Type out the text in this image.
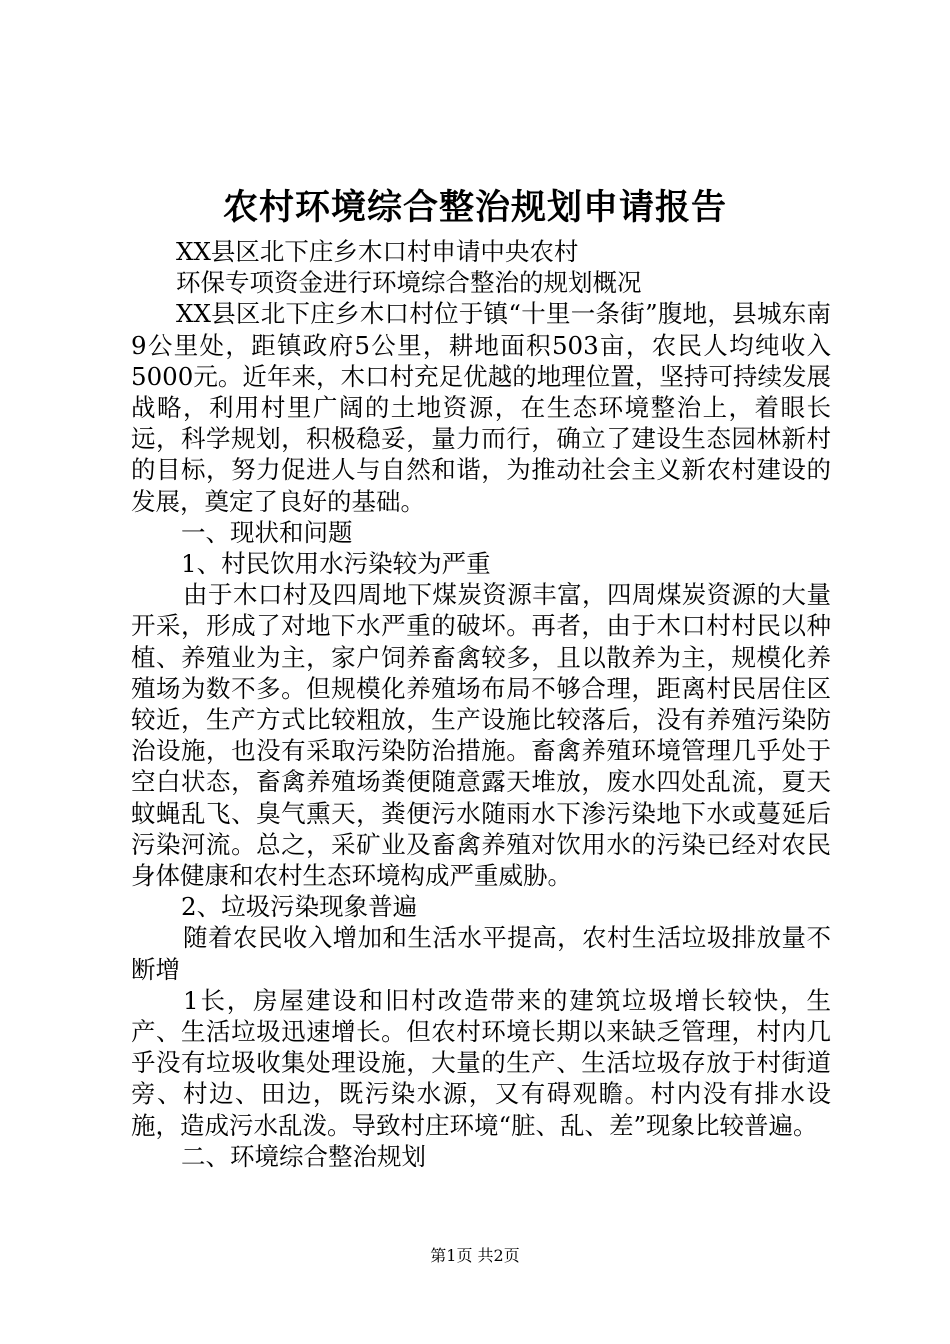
农村环境综合整治规划申请报告

XX县区北下庄乡木口村申请中央农村

环保专项资金进行环境综合整治的规划概况

XX县区北下庄乡木口村位于镇“十里一条街”腹地，县城东南9公里处，距镇政府5公里，耕地面积503亩，农民人均纯收入5000元。近年来，木口村充足优越的地理位置，坚持可持续发展战略，利用村里广阔的土地资源，在生态环境整治上，着眼长远，科学规划，积极稳妥，量力而行，确立了建设生态园林新村的目标，努力促进人与自然和谐，为推动社会主义新农村建设的发展，奠定了良好的基础。

一、现状和问题

1、村民饮用水污染较为严重

由于木口村及四周地下煤炭资源丰富，四周煤炭资源的大量开采，形成了对地下水严重的破坏。再者，由于木口村村民以种植、养殖业为主，家户饲养畜禽较多，且以散养为主，规模化养殖场为数不多。但规模化养殖场布局不够合理，距离村民居住区较近，生产方式比较粗放，生产设施比较落后，没有养殖污染防治设施，也没有采取污染防治措施。畜禽养殖环境管理几乎处于空白状态，畜禽养殖场粪便随意露天堆放，废水四处乱流，夏天蚊蝇乱飞、臭气熏天，粪便污水随雨水下渗污染地下水或蔓延后污染河流。总之，采矿业及畜禽养殖对饮用水的污染已经对农民身体健康和农村生态环境构成严重威胁。

2、垃圾污染现象普遍

随着农民收入增加和生活水平提高，农村生活垃圾排放量不断增

1长，房屋建设和旧村改造带来的建筑垃圾增长较快，生产、生活垃圾迅速增长。但农村环境长期以来缺乏管理，村内几乎没有垃圾收集处理设施，大量的生产、生活垃圾存放于村街道旁、村边、田边，既污染水源，又有碍观瞻。村内没有排水设施，造成污水乱泼。导致村庄环境“脏、乱、差”现象比较普遍。

二、环境综合整治规划

第1页 共2页
